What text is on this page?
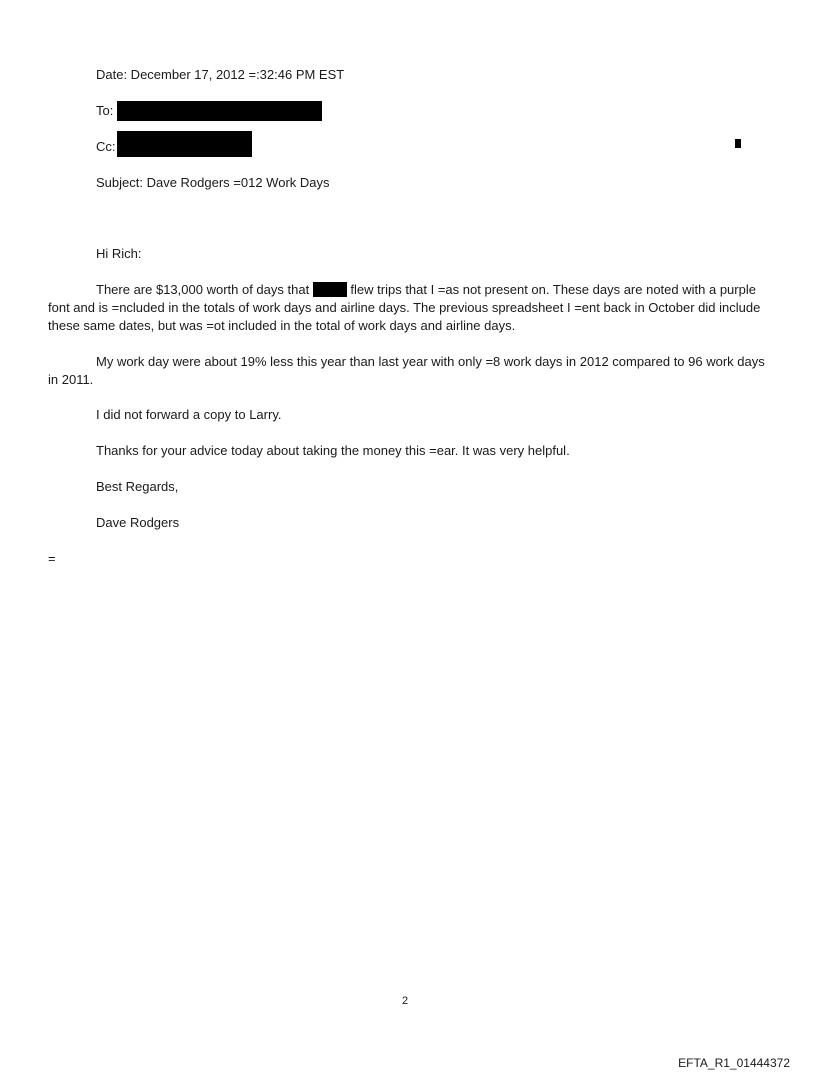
Date: December 17, 2012 =:32:46 PM EST
To:
Cc:
Subject: Dave Rodgers =012 Work Days
Hi Rich:
There are $13,000 worth of days that	flew trips that I =as not present on. These days are noted with a purple font and is =ncluded in the totals of work days and airline days. The previous spreadsheet I =ent back in October did include these same dates, but was =ot included in the total of work days and airline days.
My work day were about 19% less this year than last year with only =8 work days in 2012 compared to 96 work days in 2011.
I did not forward a copy to Larry.
Thanks for your advice today about taking the money this =ear. It was very helpful.
Best Regards,
Dave Rodgers
=
2
EFTA_R1_01444372
